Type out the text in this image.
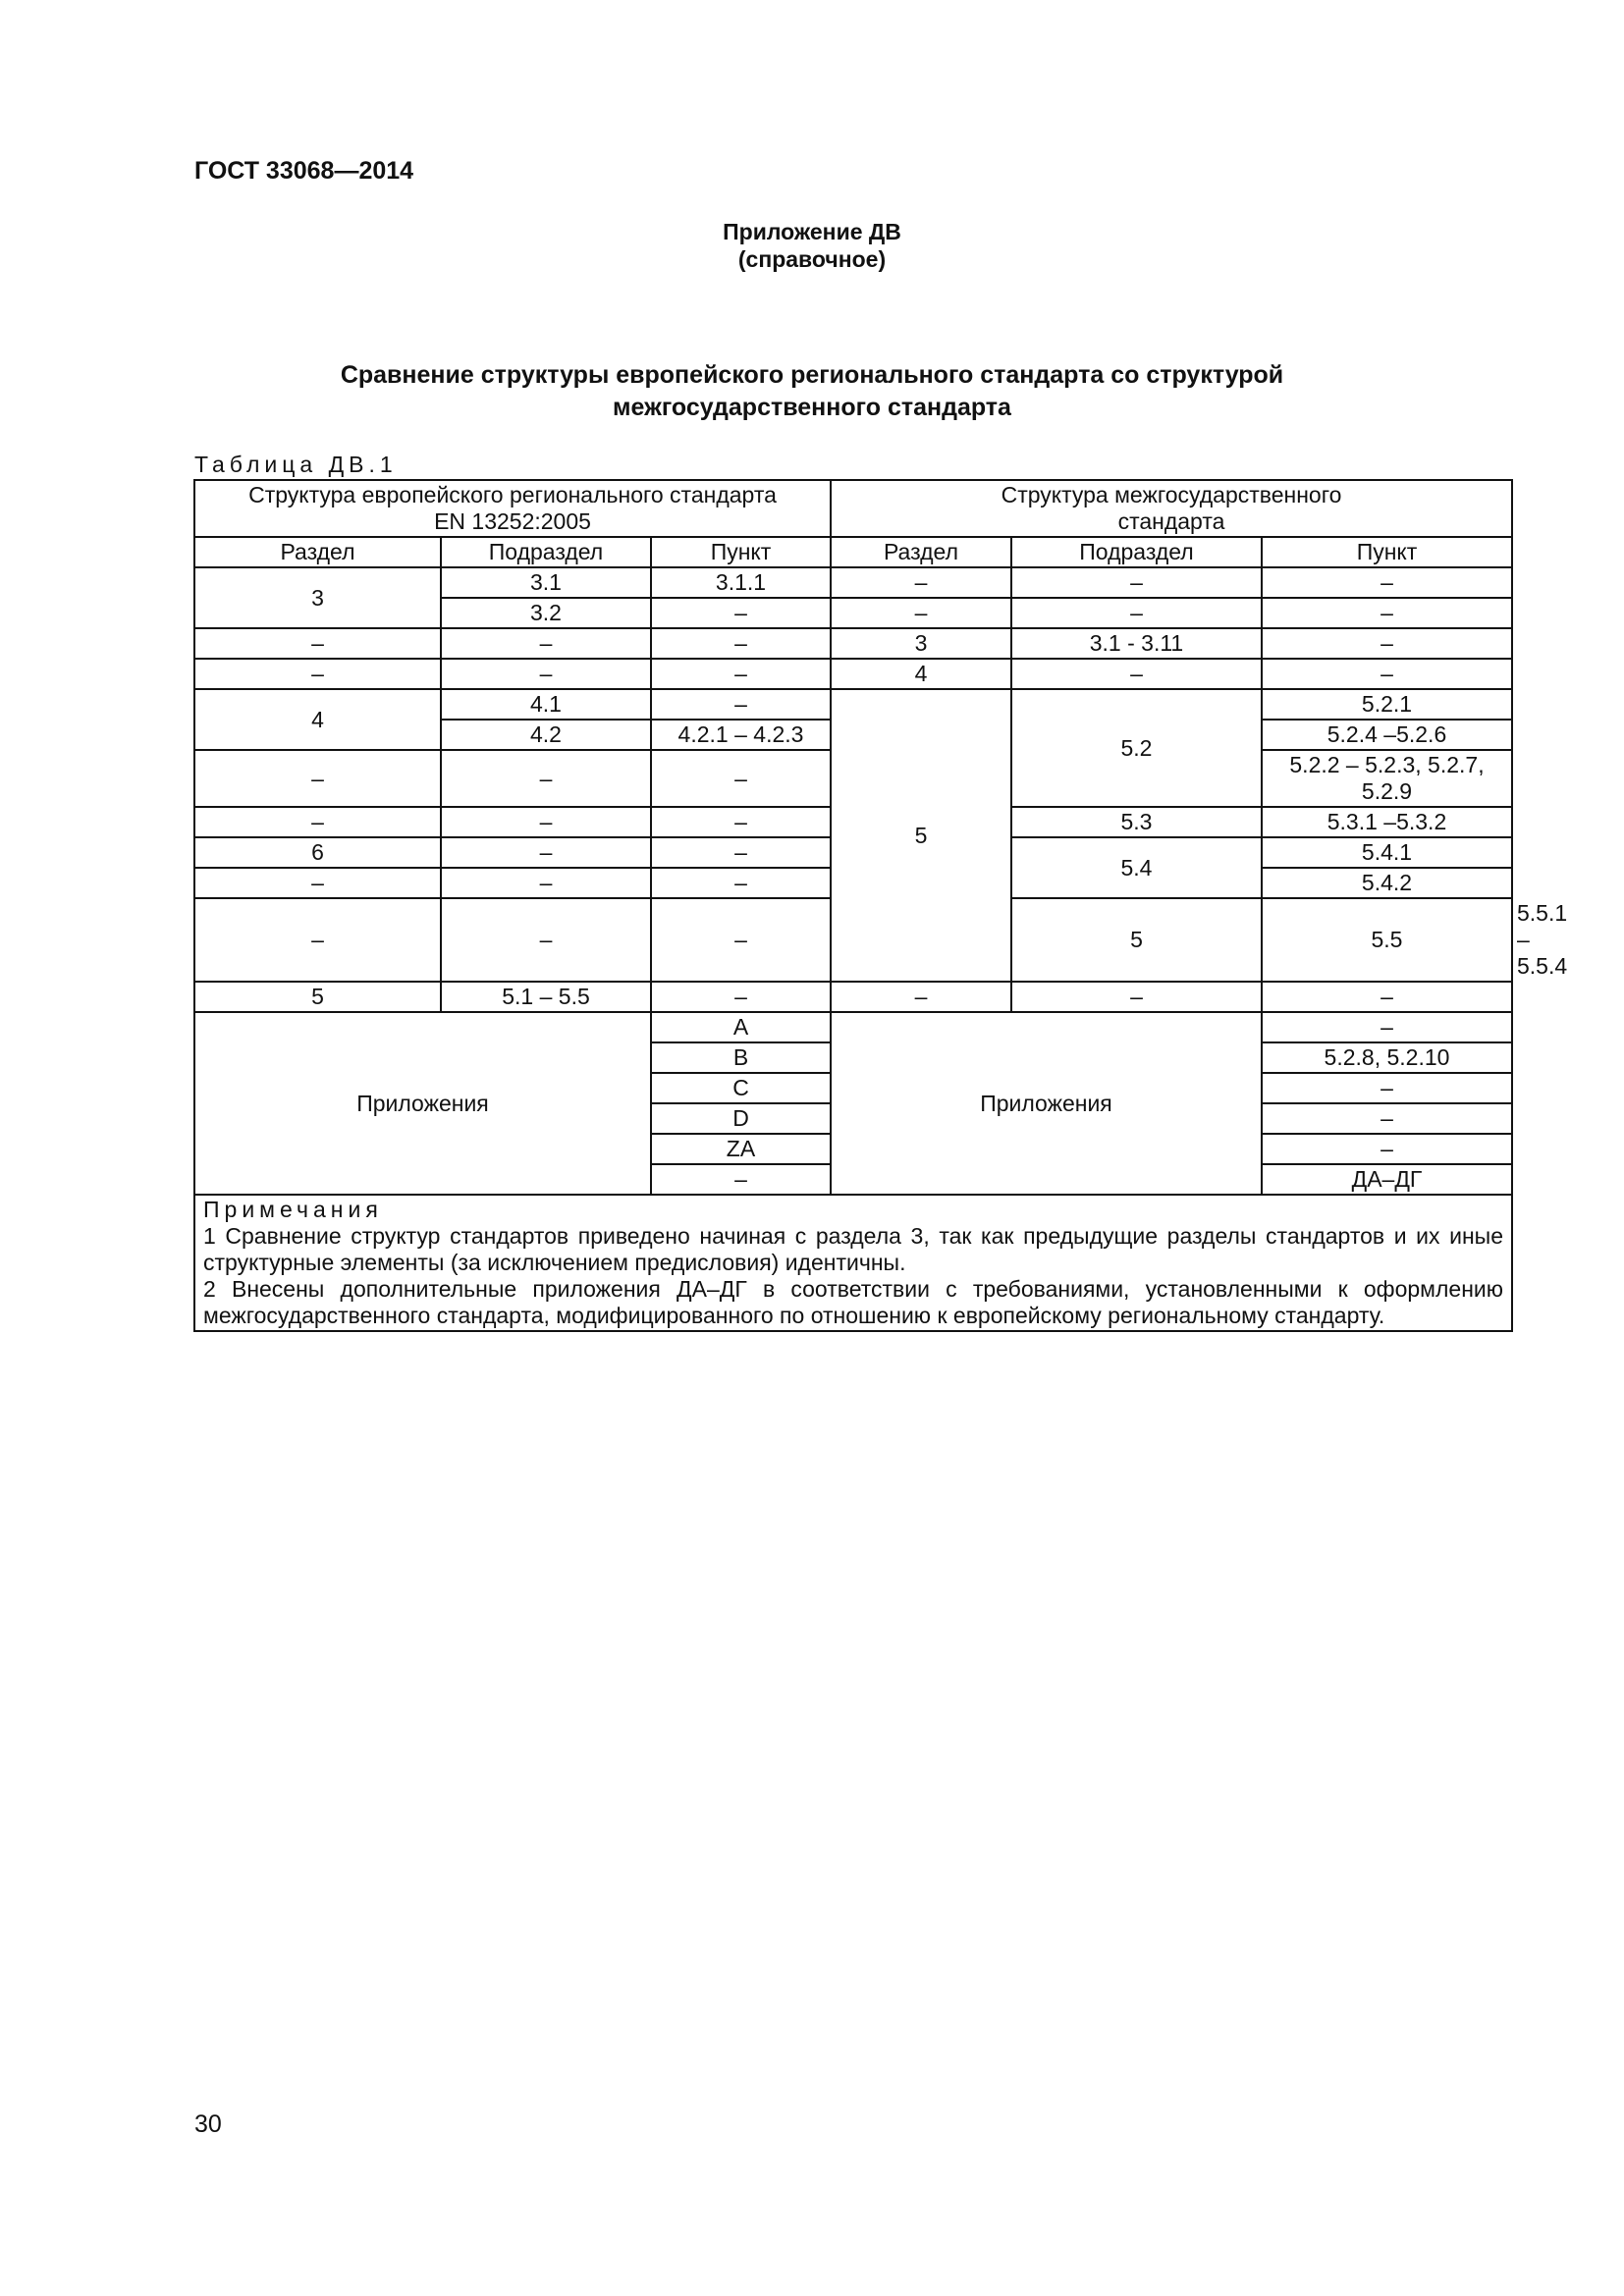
ГОСТ 33068—2014
Приложение ДВ
(справочное)
Сравнение структуры европейского регионального стандарта со структурой
межгосударственного стандарта
Таблица ДВ.1
Структура европейского регионального стандарта
EN 13252:2005			Структура межгосударственного
стандарта			
Раздел	Подраздел	Пункт	Раздел	Подраздел	Пункт	
3	3.1	3.1.1	–	–	–	
	3.2	–	–	–	–	
–	–	–	3	3.1 - 3.11	–	
–	–	–	4	–	–	
4	4.1	–	5	5.2	5.2.1	
	4.2	4.2.1 – 4.2.3			5.2.4 –5.2.6	
–	–	–			5.2.2 – 5.2.3, 5.2.7,
5.2.9	
–	–	–		5.3	5.3.1 –5.3.2	
6	–	–		5.4	5.4.1	
–	–	–			5.4.2	
–	–	–		5	5.5	5.5.1 – 5.5.4
5	5.1 – 5.5	–	–	–	–	
Приложения		A	Приложения		–	
		B			5.2.8, 5.2.10	
		C			–	
		D			–	
		ZA			–	
		–			ДА–ДГ	

Примечания

1 Сравнение структур стандартов приведено начиная с раздела 3, так как предыдущие разделы стандартов и их иные структурные элементы (за исключением предисловия) идентичны.

2 Внесены дополнительные приложения ДА–ДГ в соответствии с требованиями, установленными к оформлению межгосударственного стандарта, модифицированного по отношению к европейскому региональному стандарту.						

30
